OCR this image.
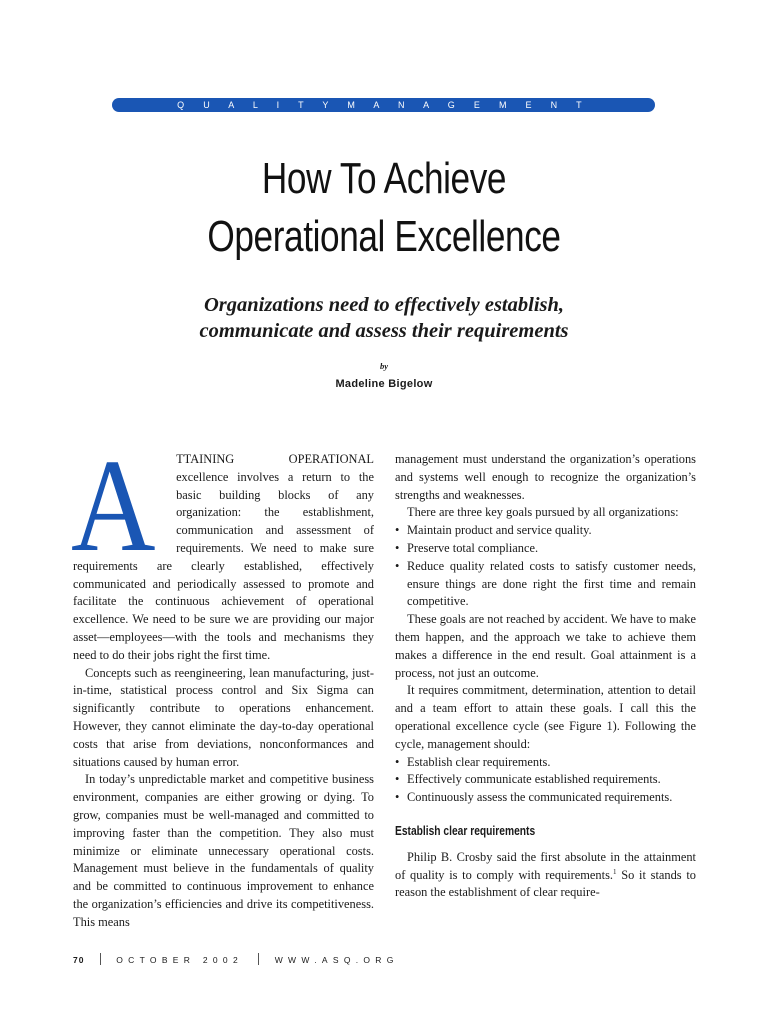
Q U A L I T Y M A N A G E M E N T
How To Achieve
Operational Excellence
Organizations need to effectively establish,
communicate and assess their requirements
by
Madeline Bigelow

A TTAINING OPERATIONAL excellence involves a return to the basic building blocks of any organization: the establishment, communication and assessment of requirements. We need to make sure requirements are clearly established, effectively communicated and periodically assessed to promote and facilitate the continuous achievement of operational excellence. We need to be sure we are providing our major asset—employees—with the tools and mechanisms they need to do their jobs right the first time.

Concepts such as reengineering, lean manufacturing, just-in-time, statistical process control and Six Sigma can significantly contribute to operations enhancement. However, they cannot eliminate the day-to-day operational costs that arise from deviations, nonconformances and situations caused by human error.

In today’s unpredictable market and competitive business environment, companies are either growing or dying. To grow, companies must be well-managed and committed to improving faster than the competition. They also must minimize or eliminate unnecessary operational costs. Management must believe in the fundamentals of quality and be committed to continuous improvement to enhance the organization’s efficiencies and drive its competitiveness. This means

management must understand the organization’s operations and systems well enough to recognize the organization’s strengths and weaknesses.

There are three key goals pursued by all organizations:

• Maintain product and service quality.
• Preserve total compliance.
• Reduce quality related costs to satisfy customer needs, ensure things are done right the first time and remain competitive.

These goals are not reached by accident. We have to make them happen, and the approach we take to achieve them makes a difference in the end result. Goal attainment is a process, not just an outcome.

It requires commitment, determination, attention to detail and a team effort to attain these goals. I call this the operational excellence cycle (see Figure 1). Following the cycle, management should:

• Establish clear requirements.
• Effectively communicate established requirements.
• Continuously assess the communicated requirements.
Establish clear requirements

Philip B. Crosby said the first absolute in the attainment of quality is to comply with requirements.$^1$ So it stands to reason the establishment of clear require-

70	OCTOBER 2002	WWW.ASQ.ORG
